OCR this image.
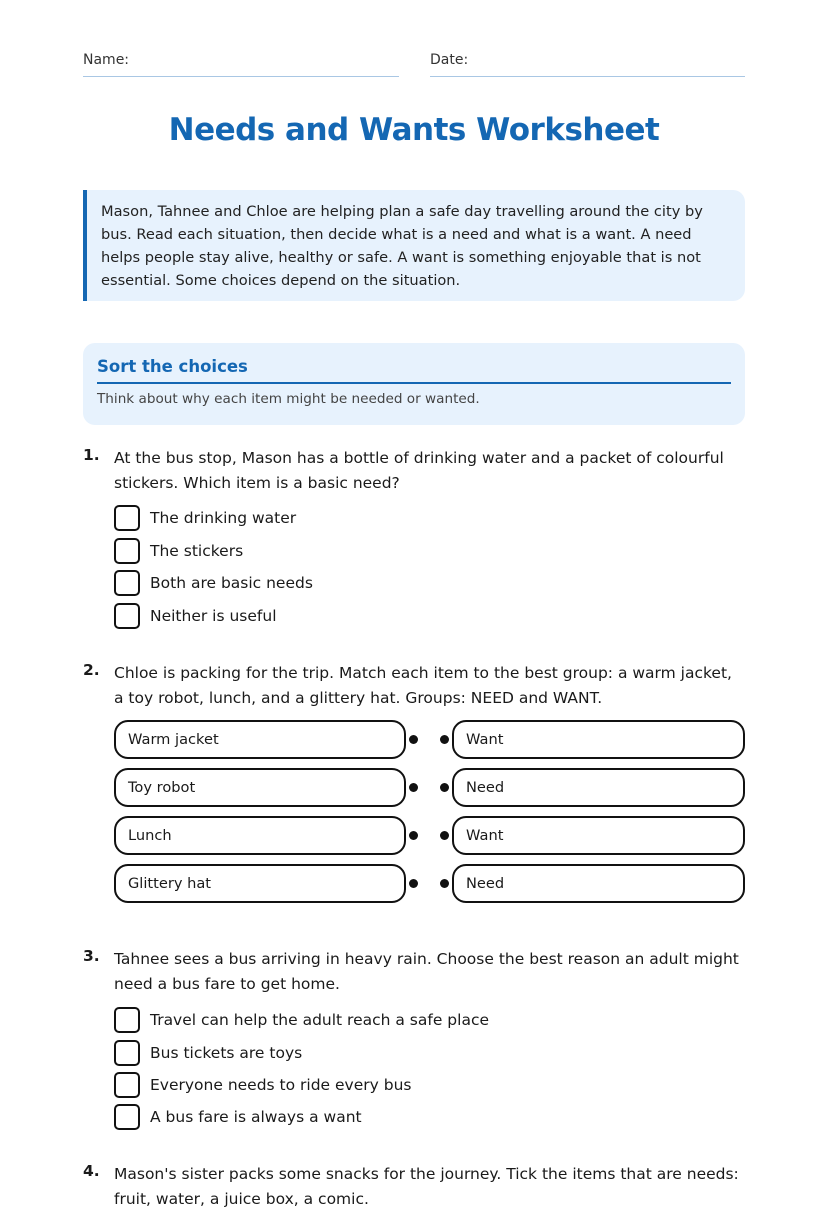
Name:	Date:
Needs and Wants Worksheet
Mason, Tahnee and Chloe are helping plan a safe day travelling around the city by bus. Read each situation, then decide what is a need and what is a want. A need helps people stay alive, healthy or safe. A want is something enjoyable that is not essential. Some choices depend on the situation.
Sort the choices
Think about why each item might be needed or wanted.
1. At the bus stop, Mason has a bottle of drinking water and a packet of colourful stickers. Which item is a basic need?
The drinking water
The stickers
Both are basic needs
Neither is useful
2. Chloe is packing for the trip. Match each item to the best group: a warm jacket, a toy robot, lunch, and a glittery hat. Groups: NEED and WANT.
Warm jacket
Toy robot
Lunch
Glittery hat
Want
Need
Want
Need
3. Tahnee sees a bus arriving in heavy rain. Choose the best reason an adult might need a bus fare to get home.
Travel can help the adult reach a safe place
Bus tickets are toys
Everyone needs to ride every bus
A bus fare is always a want
4. Mason's sister packs some snacks for the journey. Tick the items that are needs: fruit, water, a juice box, a comic.
